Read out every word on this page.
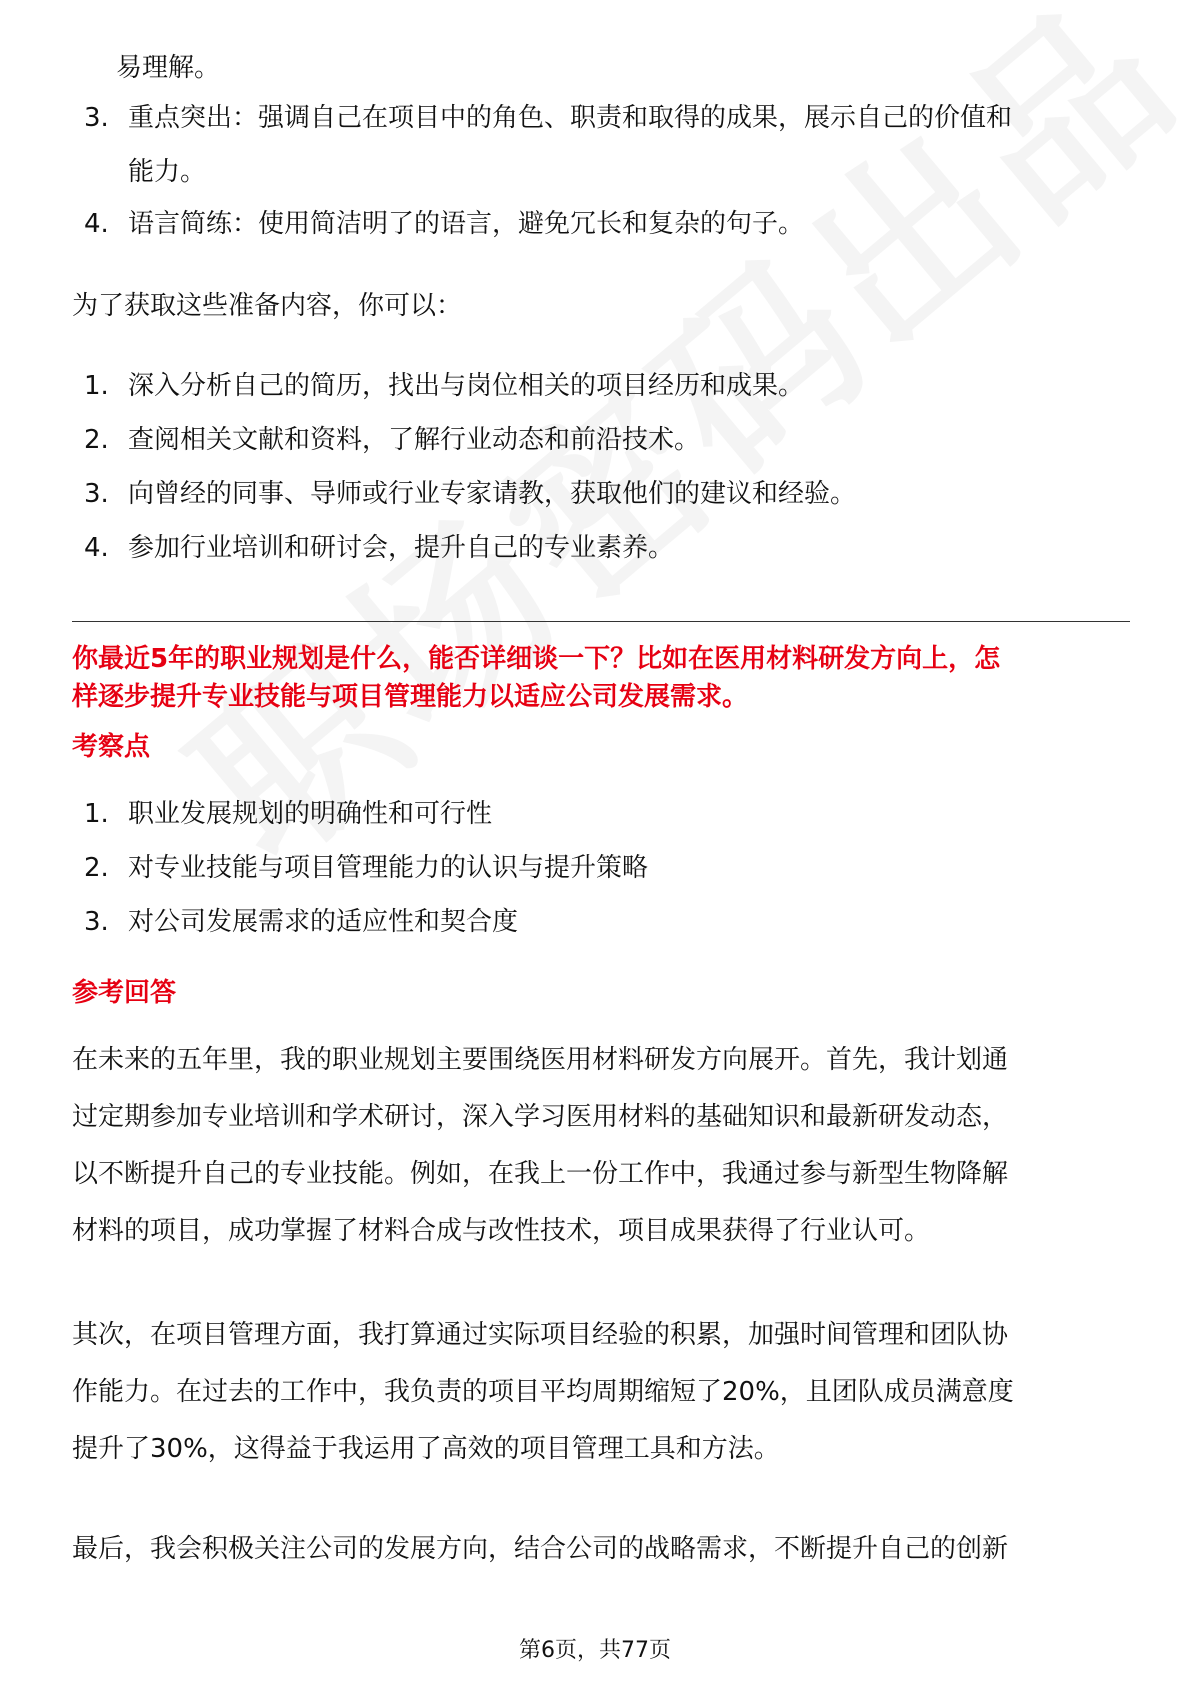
易理解。
3. 重点突出：强调自己在项目中的角色、职责和取得的成果，展示自己的价值和
能力。
4. 语言简练：使用简洁明了的语言，避免冗长和复杂的句子。
为了获取这些准备内容，你可以：
1. 深入分析自己的简历，找出与岗位相关的项目经历和成果。
2. 查阅相关文献和资料，了解行业动态和前沿技术。
3. 向曾经的同事、导师或行业专家请教，获取他们的建议和经验。
4. 参加行业培训和研讨会，提升自己的专业素养。
你最近5年的职业规划是什么，能否详细谈一下？比如在医用材料研发方向上，怎
样逐步提升专业技能与项目管理能力以适应公司发展需求。
考察点
1. 职业发展规划的明确性和可行性
2. 对专业技能与项目管理能力的认识与提升策略
3. 对公司发展需求的适应性和契合度
参考回答
在未来的五年里，我的职业规划主要围绕医用材料研发方向展开。首先，我计划通
过定期参加专业培训和学术研讨，深入学习医用材料的基础知识和最新研发动态，
以不断提升自己的专业技能。例如，在我上一份工作中，我通过参与新型生物降解
材料的项目，成功掌握了材料合成与改性技术，项目成果获得了行业认可。
其次，在项目管理方面，我打算通过实际项目经验的积累，加强时间管理和团队协
作能力。在过去的工作中，我负责的项目平均周期缩短了20%，且团队成员满意度
提升了30%，这得益于我运用了高效的项目管理工具和方法。
最后，我会积极关注公司的发展方向，结合公司的战略需求，不断提升自己的创新
第6页，共77页
